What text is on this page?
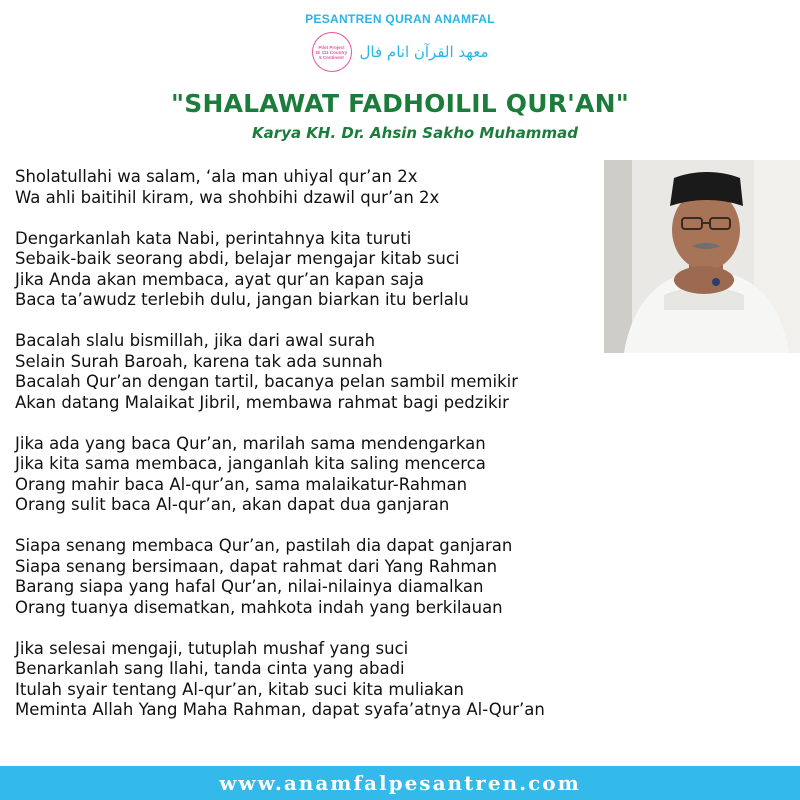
PESANTREN QURAN ANAMFAL
Pilot Project
Di 111 Country
5 Continent معهد القرآن انام فال
"SHALAWAT FADHOILIL QUR'AN"
Karya KH. Dr. Ahsin Sakho Muhammad
Sholatullahi wa salam, ‘ala man uhiyal qur’an 2x
Wa ahli baitihil kiram, wa shohbihi dzawil qur’an 2x
Dengarkanlah kata Nabi, perintahnya kita turuti
Sebaik-baik seorang abdi, belajar mengajar kitab suci
Jika Anda akan membaca, ayat qur’an kapan saja
Baca ta’awudz terlebih dulu, jangan biarkan itu berlalu
Bacalah slalu bismillah, jika dari awal surah
Selain Surah Baroah, karena tak ada sunnah
Bacalah Qur’an dengan tartil, bacanya pelan sambil memikir
Akan datang Malaikat Jibril, membawa rahmat bagi pedzikir
Jika ada yang baca Qur’an, marilah sama mendengarkan
Jika kita sama membaca, janganlah kita saling mencerca
Orang mahir baca Al-qur’an, sama malaikatur-Rahman
Orang sulit baca Al-qur’an, akan dapat dua ganjaran
Siapa senang membaca Qur’an, pastilah dia dapat ganjaran
Siapa senang bersimaan, dapat rahmat dari Yang Rahman
Barang siapa yang hafal Qur’an, nilai-nilainya diamalkan
Orang tuanya disematkan, mahkota indah yang berkilauan
Jika selesai mengaji, tutuplah mushaf yang suci
Benarkanlah sang Ilahi, tanda cinta yang abadi
Itulah syair tentang Al-qur’an, kitab suci kita muliakan
Meminta Allah Yang Maha Rahman, dapat syafa’atnya Al-Qur’an
www.anamfalpesantren.com
